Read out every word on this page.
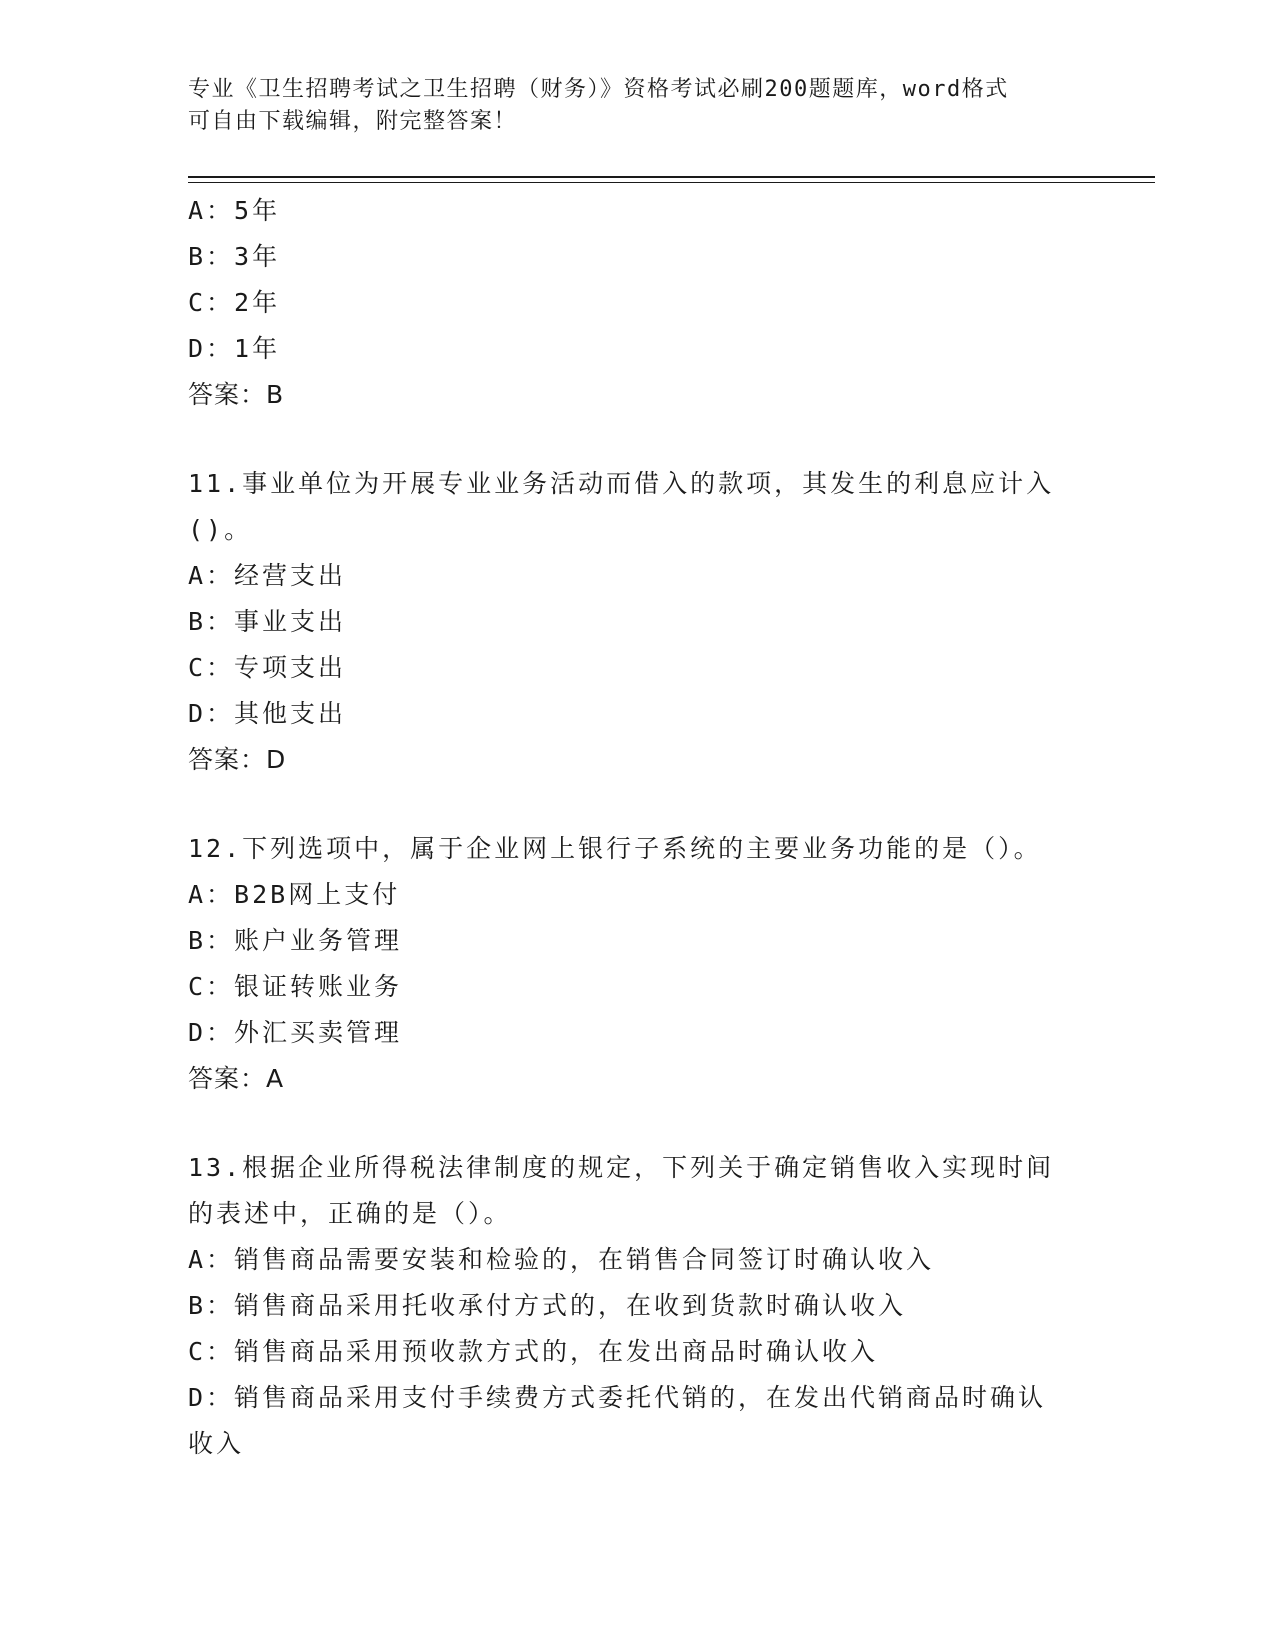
专业《卫生招聘考试之卫生招聘（财务）》资格考试必刷200题题库，word格式
可自由下载编辑，附完整答案！
A：5年
B：3年
C：2年
D：1年
答案：B
11.事业单位为开展专业业务活动而借入的款项，其发生的利息应计入
()。
A：经营支出
B：事业支出
C：专项支出
D：其他支出
答案：D
12.下列选项中，属于企业网上银行子系统的主要业务功能的是（）。
A：B2B网上支付
B：账户业务管理
C：银证转账业务
D：外汇买卖管理
答案：A
13.根据企业所得税法律制度的规定，下列关于确定销售收入实现时间
的表述中，正确的是（）。
A：销售商品需要安装和检验的，在销售合同签订时确认收入
B：销售商品采用托收承付方式的，在收到货款时确认收入
C：销售商品采用预收款方式的，在发出商品时确认收入
D：销售商品采用支付手续费方式委托代销的，在发出代销商品时确认
收入
